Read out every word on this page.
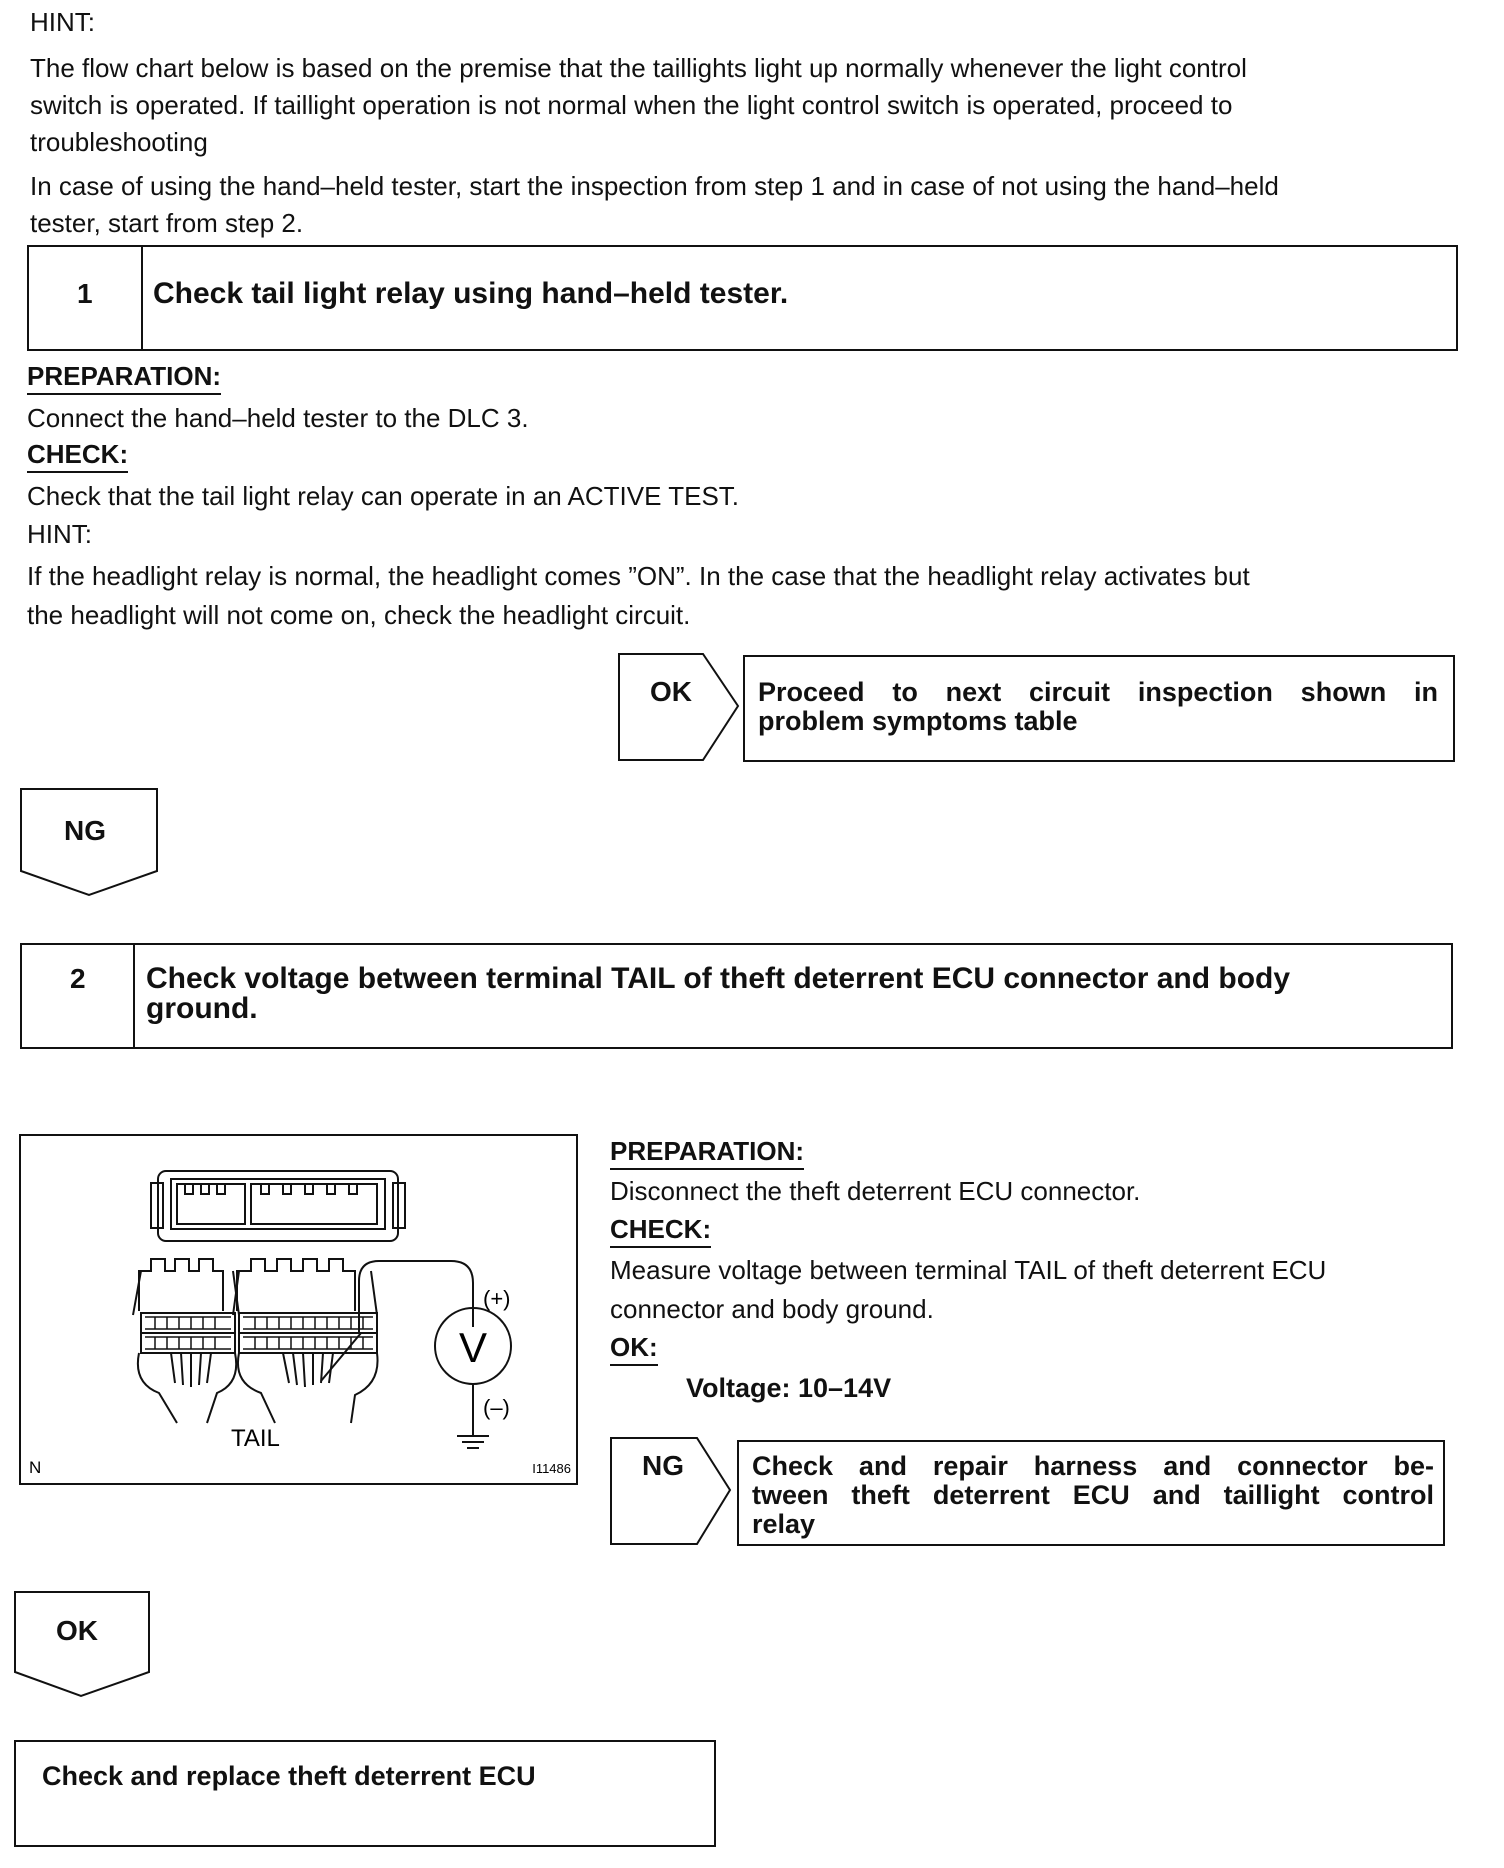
HINT:
The flow chart below is based on the premise that the taillights light up normally whenever the light control
switch is operated. If taillight operation is not normal when the light control switch is operated, proceed to
troubleshooting
In case of using the hand–held tester, start the inspection from step 1 and in case of not using the hand–held
tester, start from step 2.
1 Check tail light relay using hand–held tester.
PREPARATION:
Connect the hand–held tester to the DLC 3.
CHECK:
Check that the tail light relay can operate in an ACTIVE TEST.
HINT:
If the headlight relay is normal, the headlight comes ”ON”. In the case that the headlight relay activates but
the headlight will not come on, check the headlight circuit.
OK Proceed to next circuit inspection shown in
problem symptoms table
NG
2 Check voltage between terminal TAIL of theft deterrent ECU connector and body
ground.
V
(+)
(–)
TAIL
N	I11486
PREPARATION:
Disconnect the theft deterrent ECU connector.
CHECK:
Measure voltage between terminal TAIL of theft deterrent ECU
connector and body ground.
OK:
Voltage: 10–14V
NG	Check and repair harness and connector be-
tween theft deterrent ECU and taillight control
relay
OK
Check and replace theft deterrent ECU
